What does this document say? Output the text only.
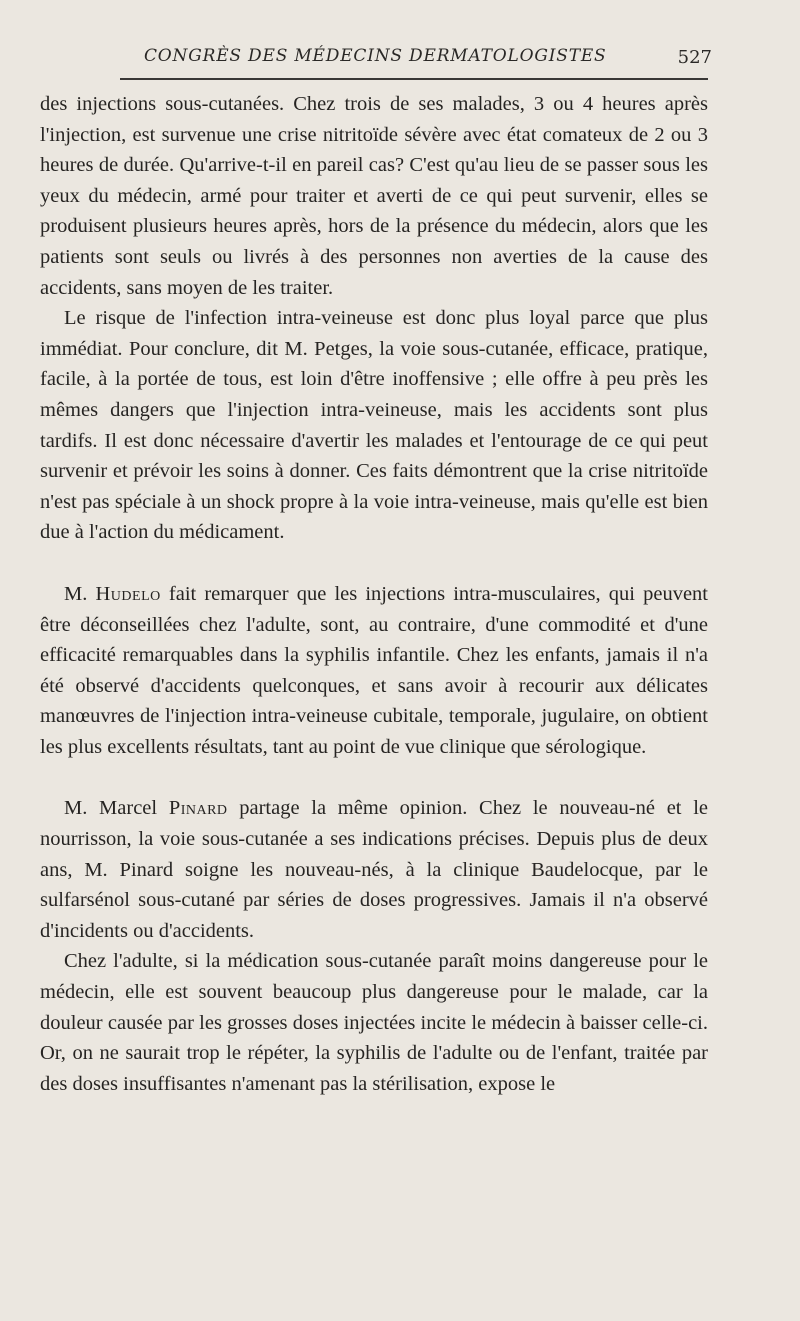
CONGRÈS DES MÉDECINS DERMATOLOGISTES	527

des injections sous-cutanées. Chez trois de ses malades, 3 ou 4 heures après l'injection, est survenue une crise nitritoïde sévère avec état comateux de 2 ou 3 heures de durée. Qu'arrive-t-il en pareil cas? C'est qu'au lieu de se passer sous les yeux du médecin, armé pour traiter et averti de ce qui peut survenir, elles se produisent plusieurs heures après, hors de la présence du médecin, alors que les patients sont seuls ou livrés à des personnes non averties de la cause des accidents, sans moyen de les traiter.

Le risque de l'infection intra-veineuse est donc plus loyal parce que plus immédiat. Pour conclure, dit M. Petges, la voie sous-cutanée, efficace, pratique, facile, à la portée de tous, est loin d'être inoffensive ; elle offre à peu près les mêmes dangers que l'injection intra-veineuse, mais les accidents sont plus tardifs. Il est donc nécessaire d'avertir les malades et l'entourage de ce qui peut survenir et prévoir les soins à donner. Ces faits démontrent que la crise nitritoïde n'est pas spéciale à un shock propre à la voie intra-veineuse, mais qu'elle est bien due à l'action du médicament.

M. Hudelo fait remarquer que les injections intra-musculaires, qui peuvent être déconseillées chez l'adulte, sont, au contraire, d'une commodité et d'une efficacité remarquables dans la syphilis infantile. Chez les enfants, jamais il n'a été observé d'accidents quelconques, et sans avoir à recourir aux délicates manœuvres de l'injection intra-veineuse cubitale, temporale, jugulaire, on obtient les plus excellents résultats, tant au point de vue clinique que sérologique.

M. Marcel Pinard partage la même opinion. Chez le nouveau-né et le nourrisson, la voie sous-cutanée a ses indications précises. Depuis plus de deux ans, M. Pinard soigne les nouveau-nés, à la clinique Baudelocque, par le sulfarsénol sous-cutané par séries de doses progressives. Jamais il n'a observé d'incidents ou d'accidents.

Chez l'adulte, si la médication sous-cutanée paraît moins dangereuse pour le médecin, elle est souvent beaucoup plus dangereuse pour le malade, car la douleur causée par les grosses doses injectées incite le médecin à baisser celle-ci. Or, on ne saurait trop le répéter, la syphilis de l'adulte ou de l'enfant, traitée par des doses insuffisantes n'amenant pas la stérilisation, expose le
